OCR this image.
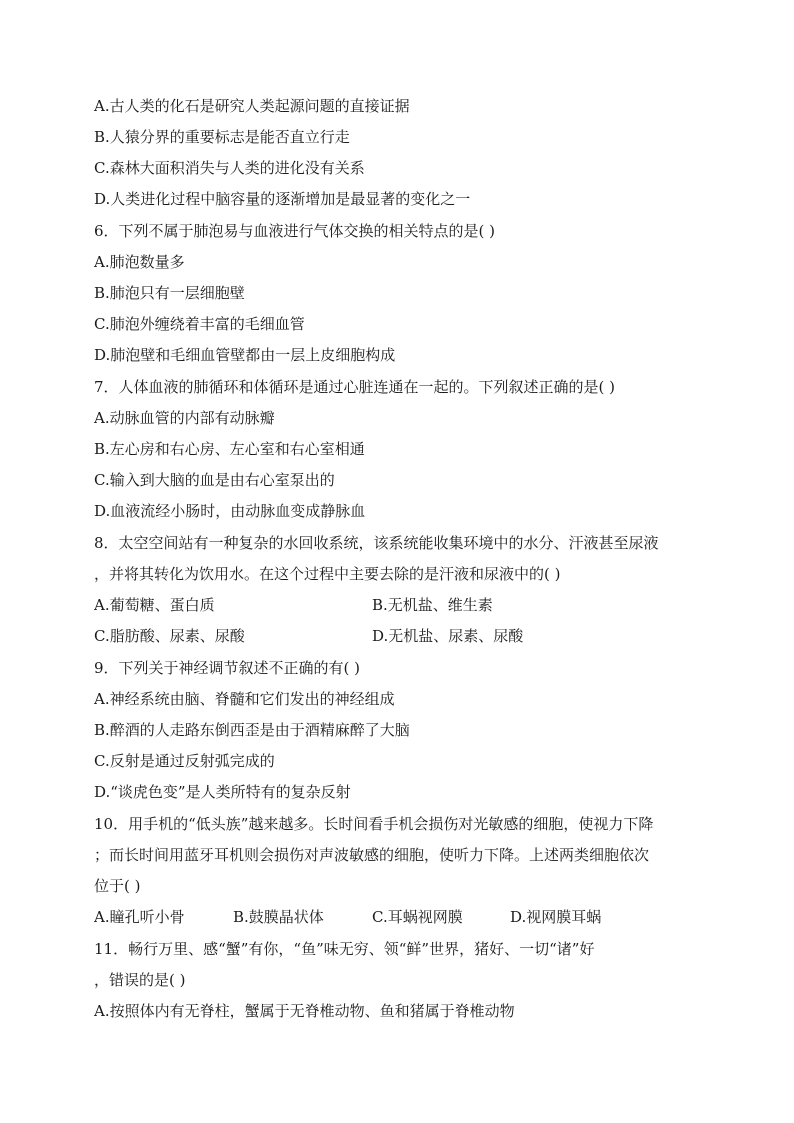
A.古人类的化石是研究人类起源问题的直接证据
B.人猿分界的重要标志是能否直立行走
C.森林大面积消失与人类的进化没有关系
D.人类进化过程中脑容量的逐渐增加是最显著的变化之一
6．下列不属于肺泡易与血液进行气体交换的相关特点的是( )
A.肺泡数量多
B.肺泡只有一层细胞壁
C.肺泡外缠绕着丰富的毛细血管
D.肺泡壁和毛细血管壁都由一层上皮细胞构成
7．人体血液的肺循环和体循环是通过心脏连通在一起的。下列叙述正确的是( )
A.动脉血管的内部有动脉瓣
B.左心房和右心房、左心室和右心室相通
C.输入到大脑的血是由右心室泵出的
D.血液流经小肠时，由动脉血变成静脉血
8．太空空间站有一种复杂的水回收系统，该系统能收集环境中的水分、汗液甚至尿液
，并将其转化为饮用水。在这个过程中主要去除的是汗液和尿液中的( )
A.葡萄糖、蛋白质	B.无机盐、维生素
C.脂肪酸、尿素、尿酸	D.无机盐、尿素、尿酸
9．下列关于神经调节叙述不正确的有( )
A.神经系统由脑、脊髓和它们发出的神经组成
B.醉酒的人走路东倒西歪是由于酒精麻醉了大脑
C.反射是通过反射弧完成的
D.“谈虎色变”是人类所特有的复杂反射
10．用手机的“低头族”越来越多。长时间看手机会损伤对光敏感的细胞，使视力下降
；而长时间用蓝牙耳机则会损伤对声波敏感的细胞，使听力下降。上述两类细胞依次
位于( )
A.瞳孔听小骨	B.鼓膜晶状体	C.耳蜗视网膜	D.视网膜耳蜗
11．畅行万里、感“蟹”有你，“鱼”味无穷、领“鲜”世界，猪好、一切“诸”好
，错误的是( )
A.按照体内有无脊柱，蟹属于无脊椎动物、鱼和猪属于脊椎动物
